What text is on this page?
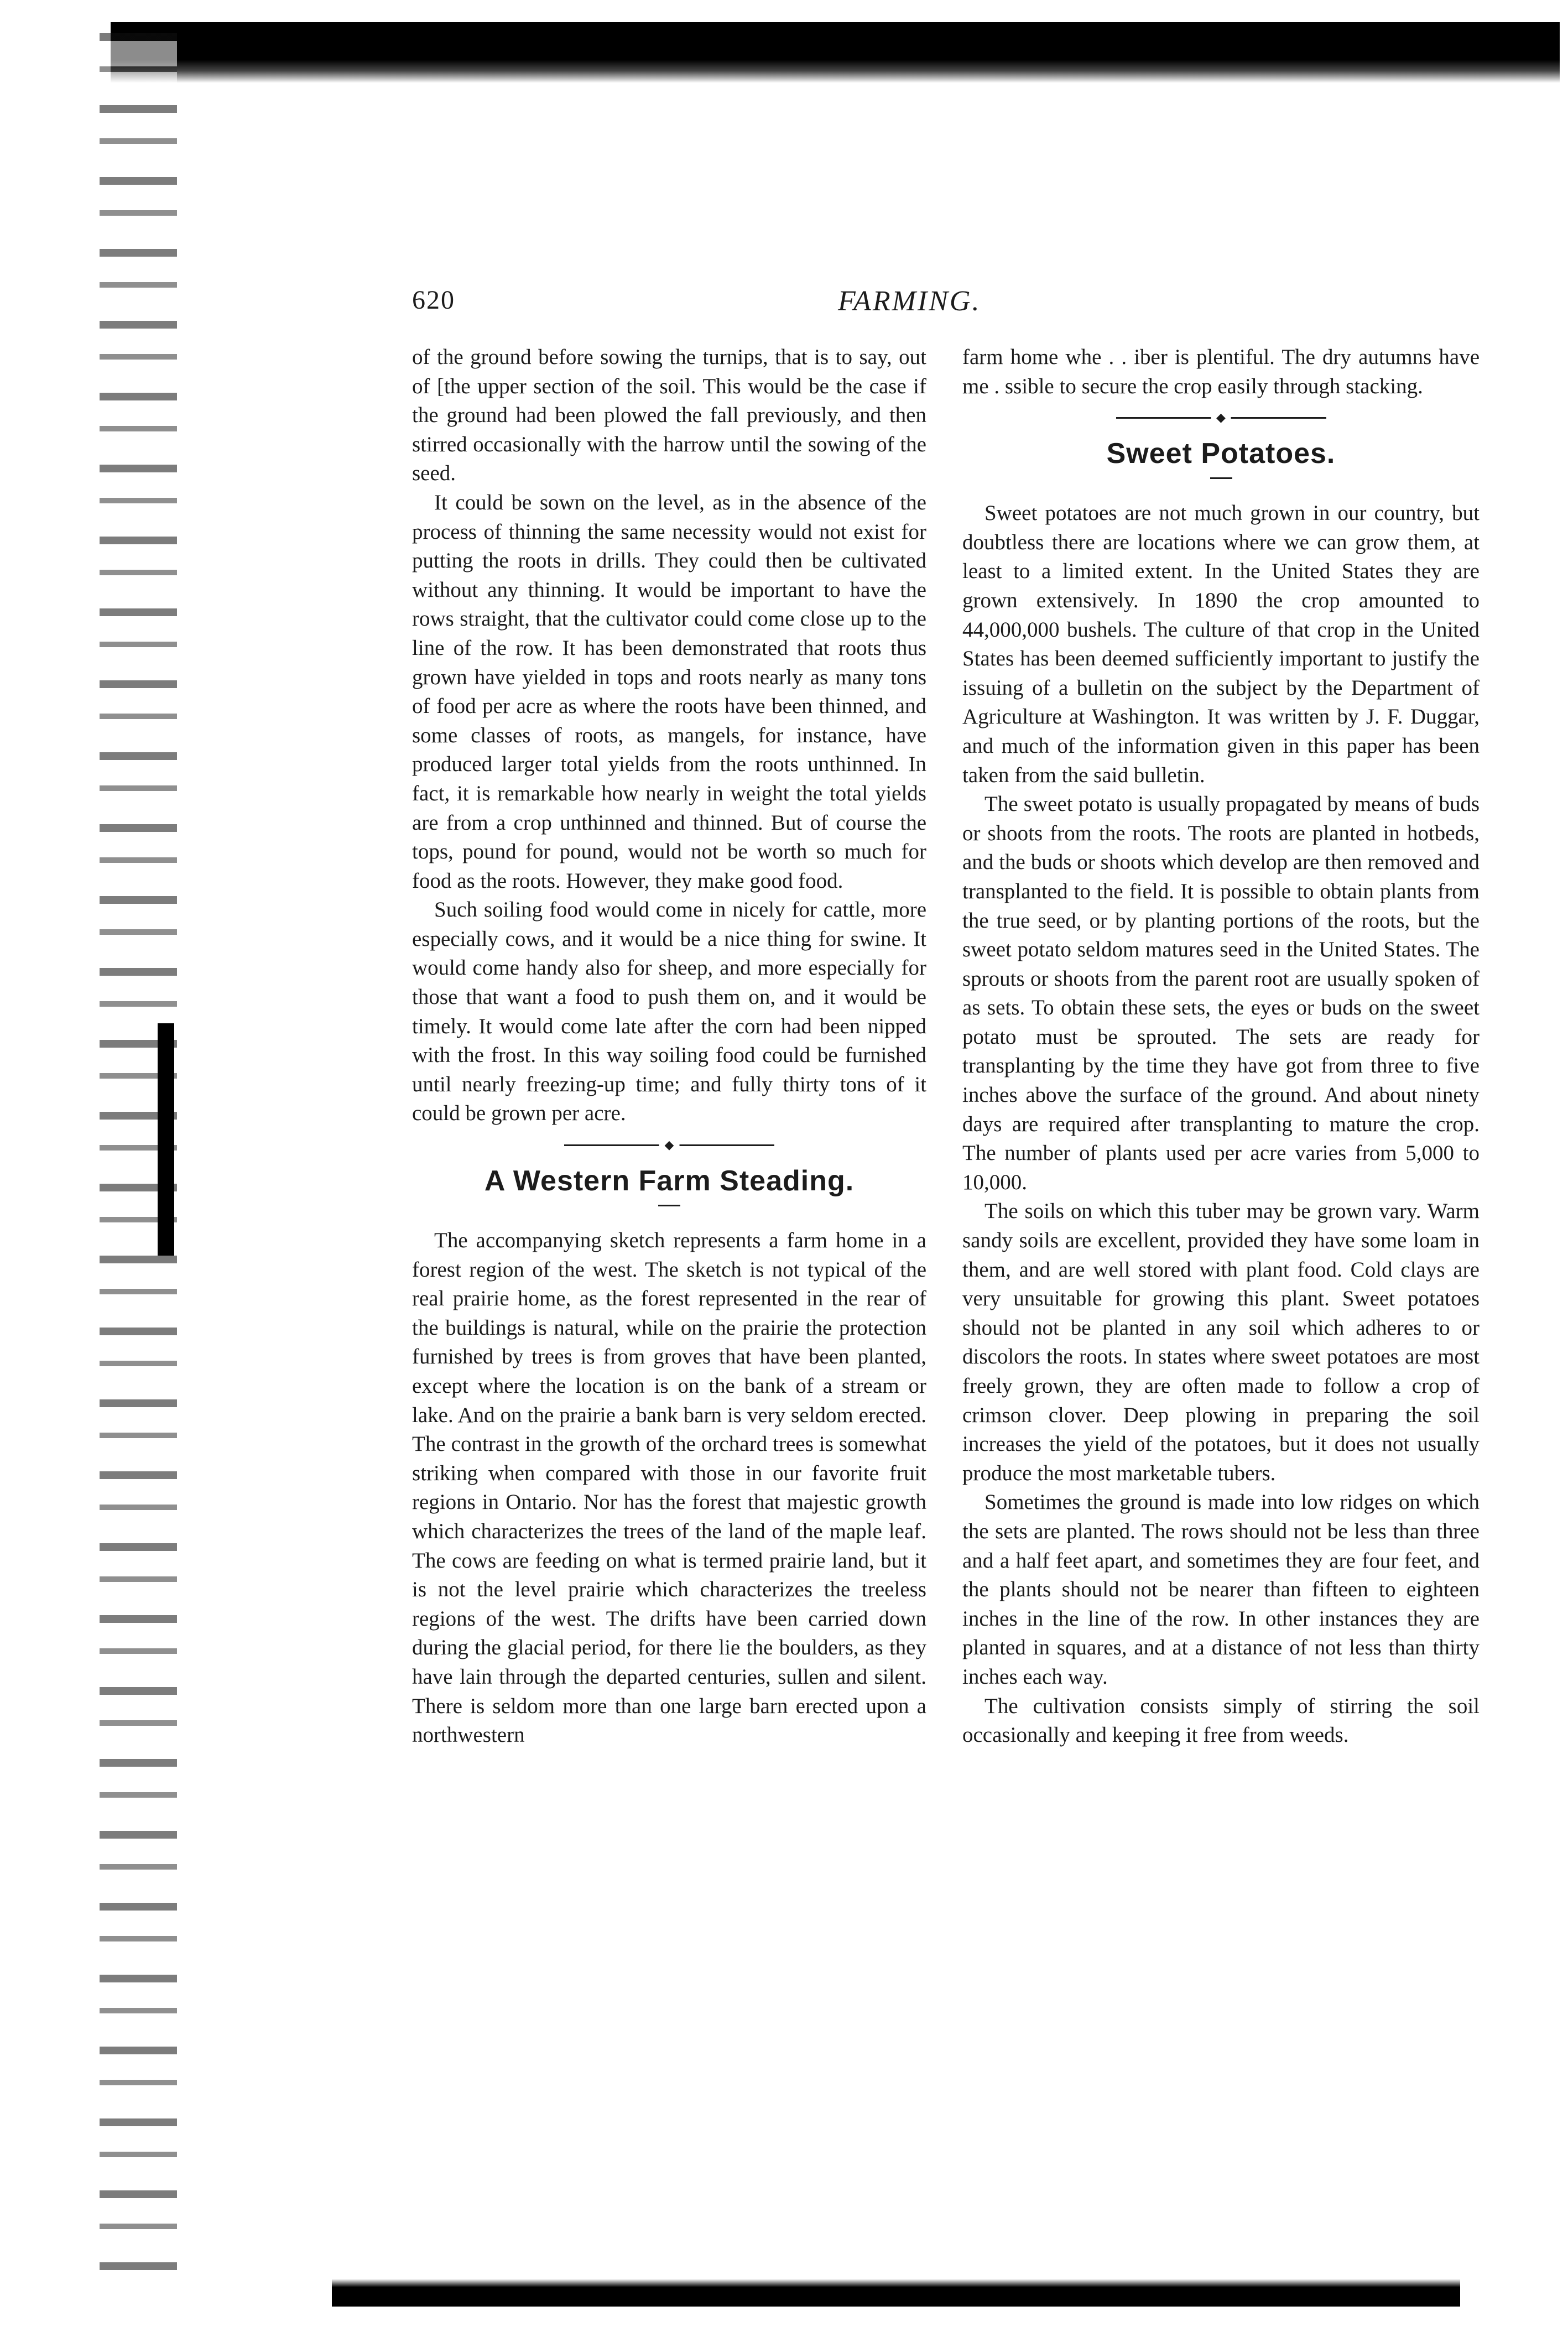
620	FARMING.

of the ground before sowing the turnips, that is to say, out of [the upper section of the soil. This would be the case if the ground had been plowed the fall previously, and then stirred occasionally with the harrow until the sowing of the seed.

It could be sown on the level, as in the absence of the process of thinning the same necessity would not exist for putting the roots in drills. They could then be cultivated without any thinning. It would be important to have the rows straight, that the cultivator could come close up to the line of the row. It has been demonstrated that roots thus grown have yielded in tops and roots nearly as many tons of food per acre as where the roots have been thinned, and some classes of roots, as mangels, for instance, have produced larger total yields from the roots unthinned. In fact, it is remarkable how nearly in weight the total yields are from a crop unthinned and thinned. But of course the tops, pound for pound, would not be worth so much for food as the roots. However, they make good food.

Such soiling food would come in nicely for cattle, more especially cows, and it would be a nice thing for swine. It would come handy also for sheep, and more especially for those that want a food to push them on, and it would be timely. It would come late after the corn had been nipped with the frost. In this way soiling food could be furnished until nearly freezing-up time; and fully thirty tons of it could be grown per acre.

◆
A Western Farm Steading.

The accompanying sketch represents a farm home in a forest region of the west. The sketch is not typical of the real prairie home, as the forest represented in the rear of the buildings is natural, while on the prairie the protection furnished by trees is from groves that have been planted, except where the location is on the bank of a stream or lake. And on the prairie a bank barn is very seldom erected. The contrast in the growth of the orchard trees is somewhat striking when compared with those in our favorite fruit regions in Ontario. Nor has the forest that majestic growth which characterizes the trees of the land of the maple leaf. The cows are feeding on what is termed prairie land, but it is not the level prairie which characterizes the treeless regions of the west. The drifts have been carried down during the glacial period, for there lie the boulders, as they have lain through the departed centuries, sullen and silent. There is seldom more than one large barn erected upon a northwestern

farm home whe . . iber is plentiful. The dry autumns have me . ssible to secure the crop easily through stacking.

◆
Sweet Potatoes.

Sweet potatoes are not much grown in our country, but doubtless there are locations where we can grow them, at least to a limited extent. In the United States they are grown extensively. In 1890 the crop amounted to 44,000,000 bushels. The culture of that crop in the United States has been deemed sufficiently important to justify the issuing of a bulletin on the subject by the Department of Agriculture at Washington. It was written by J. F. Duggar, and much of the information given in this paper has been taken from the said bulletin.

The sweet potato is usually propagated by means of buds or shoots from the roots. The roots are planted in hotbeds, and the buds or shoots which develop are then removed and transplanted to the field. It is possible to obtain plants from the true seed, or by planting portions of the roots, but the sweet potato seldom matures seed in the United States. The sprouts or shoots from the parent root are usually spoken of as sets. To obtain these sets, the eyes or buds on the sweet potato must be sprouted. The sets are ready for transplanting by the time they have got from three to five inches above the surface of the ground. And about ninety days are required after transplanting to mature the crop. The number of plants used per acre varies from 5,000 to 10,000.

The soils on which this tuber may be grown vary. Warm sandy soils are excellent, provided they have some loam in them, and are well stored with plant food. Cold clays are very unsuitable for growing this plant. Sweet potatoes should not be planted in any soil which adheres to or discolors the roots. In states where sweet potatoes are most freely grown, they are often made to follow a crop of crimson clover. Deep plowing in preparing the soil increases the yield of the potatoes, but it does not usually produce the most marketable tubers.

Sometimes the ground is made into low ridges on which the sets are planted. The rows should not be less than three and a half feet apart, and sometimes they are four feet, and the plants should not be nearer than fifteen to eighteen inches in the line of the row. In other instances they are planted in squares, and at a distance of not less than thirty inches each way.

The cultivation consists simply of stirring the soil occasionally and keeping it free from weeds.
